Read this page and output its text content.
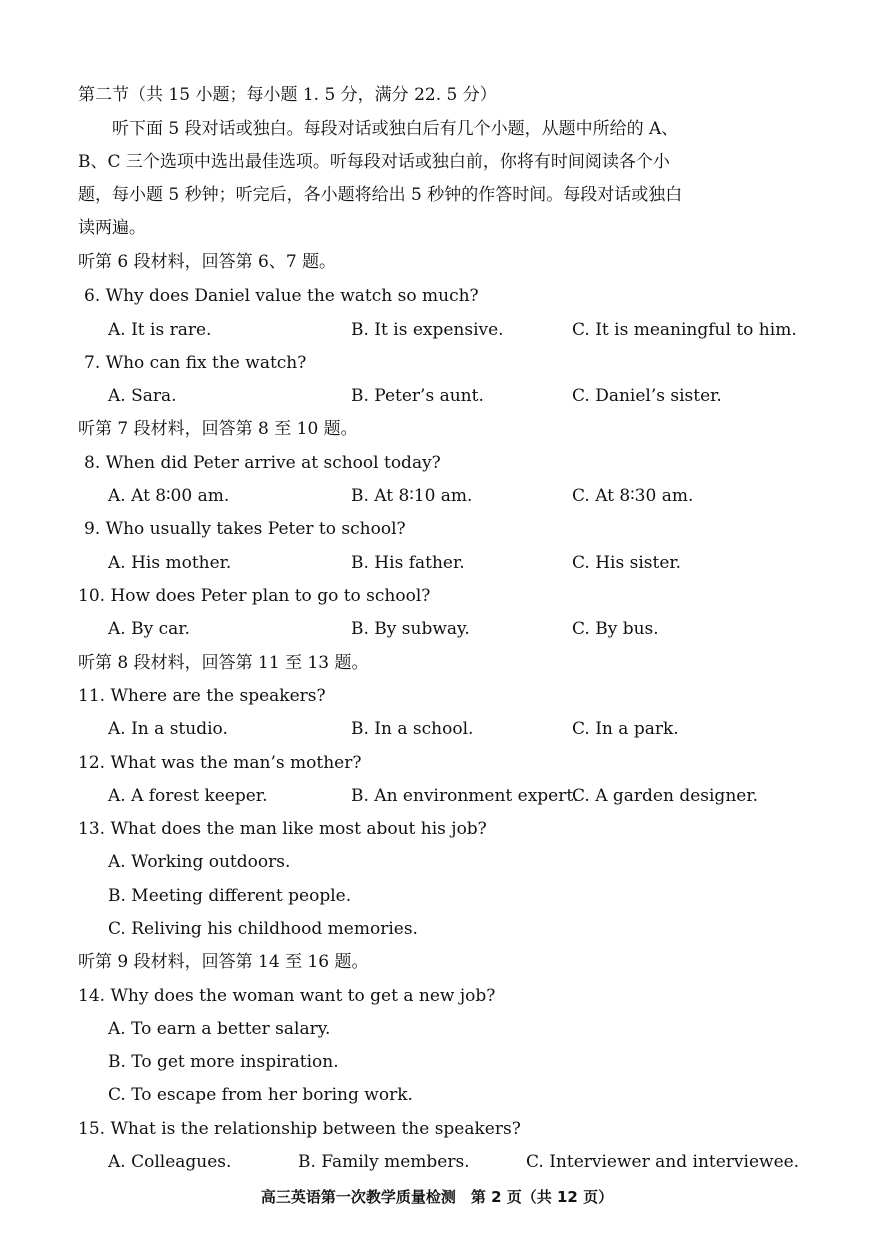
第二节（共 15 小题；每小题 1. 5 分，满分 22. 5 分）
听下面 5 段对话或独白。每段对话或独白后有几个小题，从题中所给的 A、
B、C 三个选项中选出最佳选项。听每段对话或独白前，你将有时间阅读各个小
题，每小题 5 秒钟；听完后，各小题将给出 5 秒钟的作答时间。每段对话或独白
读两遍。
听第 6 段材料，回答第 6、7 题。
6. Why does Daniel value the watch so much?
A. It is rare.	B. It is expensive.	C. It is meaningful to him.
7. Who can fix the watch?
A. Sara.	B. Peter’s aunt.	C. Daniel’s sister.
听第 7 段材料，回答第 8 至 10 题。
8. When did Peter arrive at school today?
A. At 8∶00 am.	B. At 8∶10 am.	C. At 8∶30 am.
9. Who usually takes Peter to school?
A. His mother.	B. His father.	C. His sister.
10. How does Peter plan to go to school?
A. By car.	B. By subway.	C. By bus.
听第 8 段材料，回答第 11 至 13 题。
11. Where are the speakers?
A. In a studio.	B. In a school.	C. In a park.
12. What was the man’s mother?
A. A forest keeper.	B. An environment expert.
C. A garden designer.
13. What does the man like most about his job?
A. Working outdoors.
B. Meeting different people.
C. Reliving his childhood memories.
听第 9 段材料，回答第 14 至 16 题。
14. Why does the woman want to get a new job?
A. To earn a better salary.
B. To get more inspiration.
C. To escape from her boring work.
15. What is the relationship between the speakers?
A. Colleagues.	B. Family members.	C. Interviewer and interviewee.
高三英语第一次教学质量检测　第 2 页（共 12 页）
